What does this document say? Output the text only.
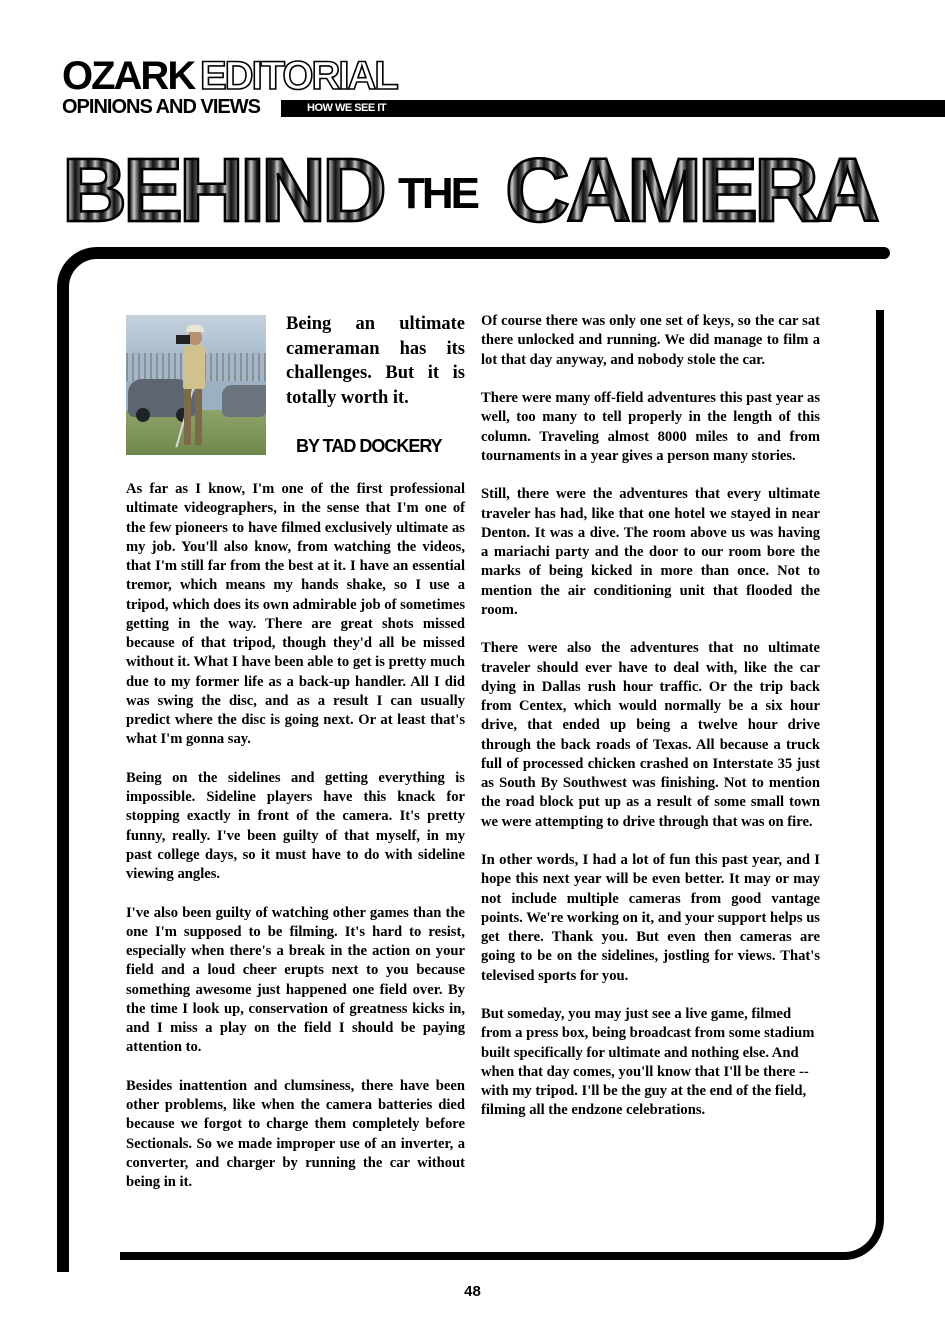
OZARK EDITORIAL
OPINIONS AND VIEWS	HOW WE SEE IT
BEHIND THE CAMERA

Being an ultimate cameraman has its challenges. But it is totally worth it.

BY TAD DOCKERY

As far as I know, I'm one of the first professional ultimate videographers, in the sense that I'm one of the few pioneers to have filmed exclusively ultimate as my job. You'll also know, from watching the videos, that I'm still far from the best at it. I have an essential tremor, which means my hands shake, so I use a tripod, which does its own admirable job of sometimes getting in the way. There are great shots missed because of that tripod, though they'd all be missed without it. What I have been able to get is pretty much due to my former life as a back-up handler. All I did was swing the disc, and as a result I can usually predict where the disc is going next. Or at least that's what I'm gonna say.

Being on the sidelines and getting everything is impossible. Sideline players have this knack for stopping exactly in front of the camera. It's pretty funny, really. I've been guilty of that myself, in my past college days, so it must have to do with sideline viewing angles.

I've also been guilty of watching other games than the one I'm supposed to be filming. It's hard to resist, especially when there's a break in the action on your field and a loud cheer erupts next to you because something awesome just happened one field over. By the time I look up, conservation of greatness kicks in, and I miss a play on the field I should be paying attention to.

Besides inattention and clumsiness, there have been other problems, like when the camera batteries died because we forgot to charge them completely before Sectionals. So we made improper use of an inverter, a converter, and charger by running the car without being in it.

Of course there was only one set of keys, so the car sat there unlocked and running. We did manage to film a lot that day anyway, and nobody stole the car.

There were many off-field adventures this past year as well, too many to tell properly in the length of this column. Traveling almost 8000 miles to and from tournaments in a year gives a person many stories.

Still, there were the adventures that every ultimate traveler has had, like that one hotel we stayed in near Denton. It was a dive. The room above us was having a mariachi party and the door to our room bore the marks of being kicked in more than once. Not to mention the air conditioning unit that flooded the room.

There were also the adventures that no ultimate traveler should ever have to deal with, like the car dying in Dallas rush hour traffic. Or the trip back from Centex, which would normally be a six hour drive, that ended up being a twelve hour drive through the back roads of Texas. All because a truck full of processed chicken crashed on Interstate 35 just as South By Southwest was finishing. Not to mention the road block put up as a result of some small town we were attempting to drive through that was on fire.

In other words, I had a lot of fun this past year, and I hope this next year will be even better. It may or may not include multiple cameras from good vantage points. We're working on it, and your support helps us get there. Thank you. But even then cameras are going to be on the sidelines, jostling for views. That's televised sports for you.

But someday, you may just see a live game, filmed from a press box, being broadcast from some stadium built specifically for ultimate and nothing else. And when that day comes, you'll know that I'll be there -- with my tripod. I'll be the guy at the end of the field, filming all the endzone celebrations.

48
